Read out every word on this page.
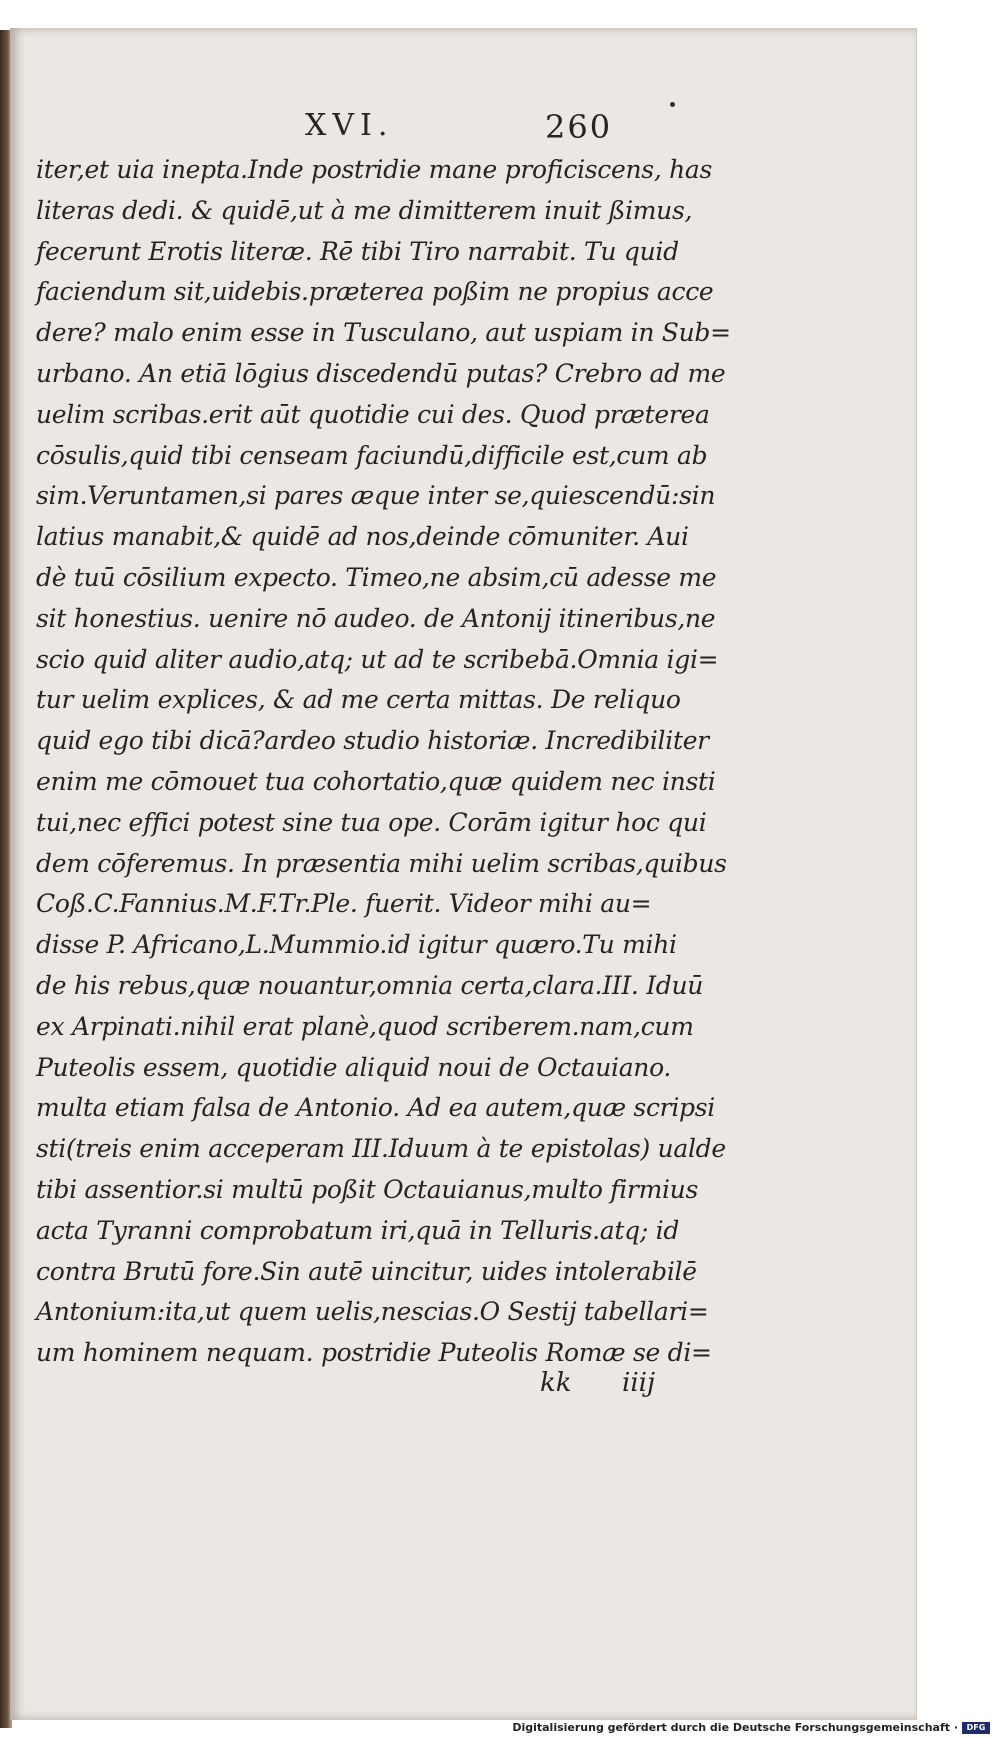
XVI.	260
iter,et uia inepta.Inde postridie mane proficiscens, has
literas dedi. & quidē,ut à me dimitterem inuit ßimus,
fecerunt Erotis literæ. Rē tibi Tiro narrabit. Tu quid
faciendum sit,uidebis.præterea poßim ne propius acce
dere? malo enim esse in Tusculano, aut uspiam in Sub=
urbano. An etiā lōgius discedendū putas? Crebro ad me
uelim scribas.erit aūt quotidie cui des. Quod præterea
cōsulis,quid tibi censeam faciundū,difficile est,cum ab
sim.Veruntamen,si pares æque inter se,quiescendū:sin
latius manabit,& quidē ad nos,deinde cōmuniter. Aui
dè tuū cōsilium expecto. Timeo,ne absim,cū adesse me
sit honestius. uenire nō audeo. de Antonij itineribus,ne
scio quid aliter audio,atq; ut ad te scribebā.Omnia igi=
tur uelim explices, & ad me certa mittas. De reliquo
quid ego tibi dicā?ardeo studio historiæ. Incredibiliter
enim me cōmouet tua cohortatio,quæ quidem nec insti
tui,nec effici potest sine tua ope. Corām igitur hoc qui
dem cōferemus. In præsentia mihi uelim scribas,quibus
Coß.C.Fannius.M.F.Tr.Ple. fuerit. Videor mihi au=
disse P. Africano,L.Mummio.id igitur quæro.Tu mihi
de his rebus,quæ nouantur,omnia certa,clara.III. Iduū
ex Arpinati.nihil erat planè,quod scriberem.nam,cum
Puteolis essem, quotidie aliquid noui de Octauiano.
multa etiam falsa de Antonio. Ad ea autem,quæ scripsi
sti(treis enim acceperam III.Iduum à te epistolas) ualde
tibi assentior.si multū poßit Octauianus,multo firmius
acta Tyranni comprobatum iri,quā in Telluris.atq; id
contra Brutū fore.Sin autē uincitur, uides intolerabilē
Antonium:ita,ut quem uelis,nescias.O Sestij tabellari=
um hominem nequam. postridie Puteolis Romæ se di=
kk iiij
Digitalisierung gefördert durch die Deutsche Forschungsgemeinschaft ·	DFG
